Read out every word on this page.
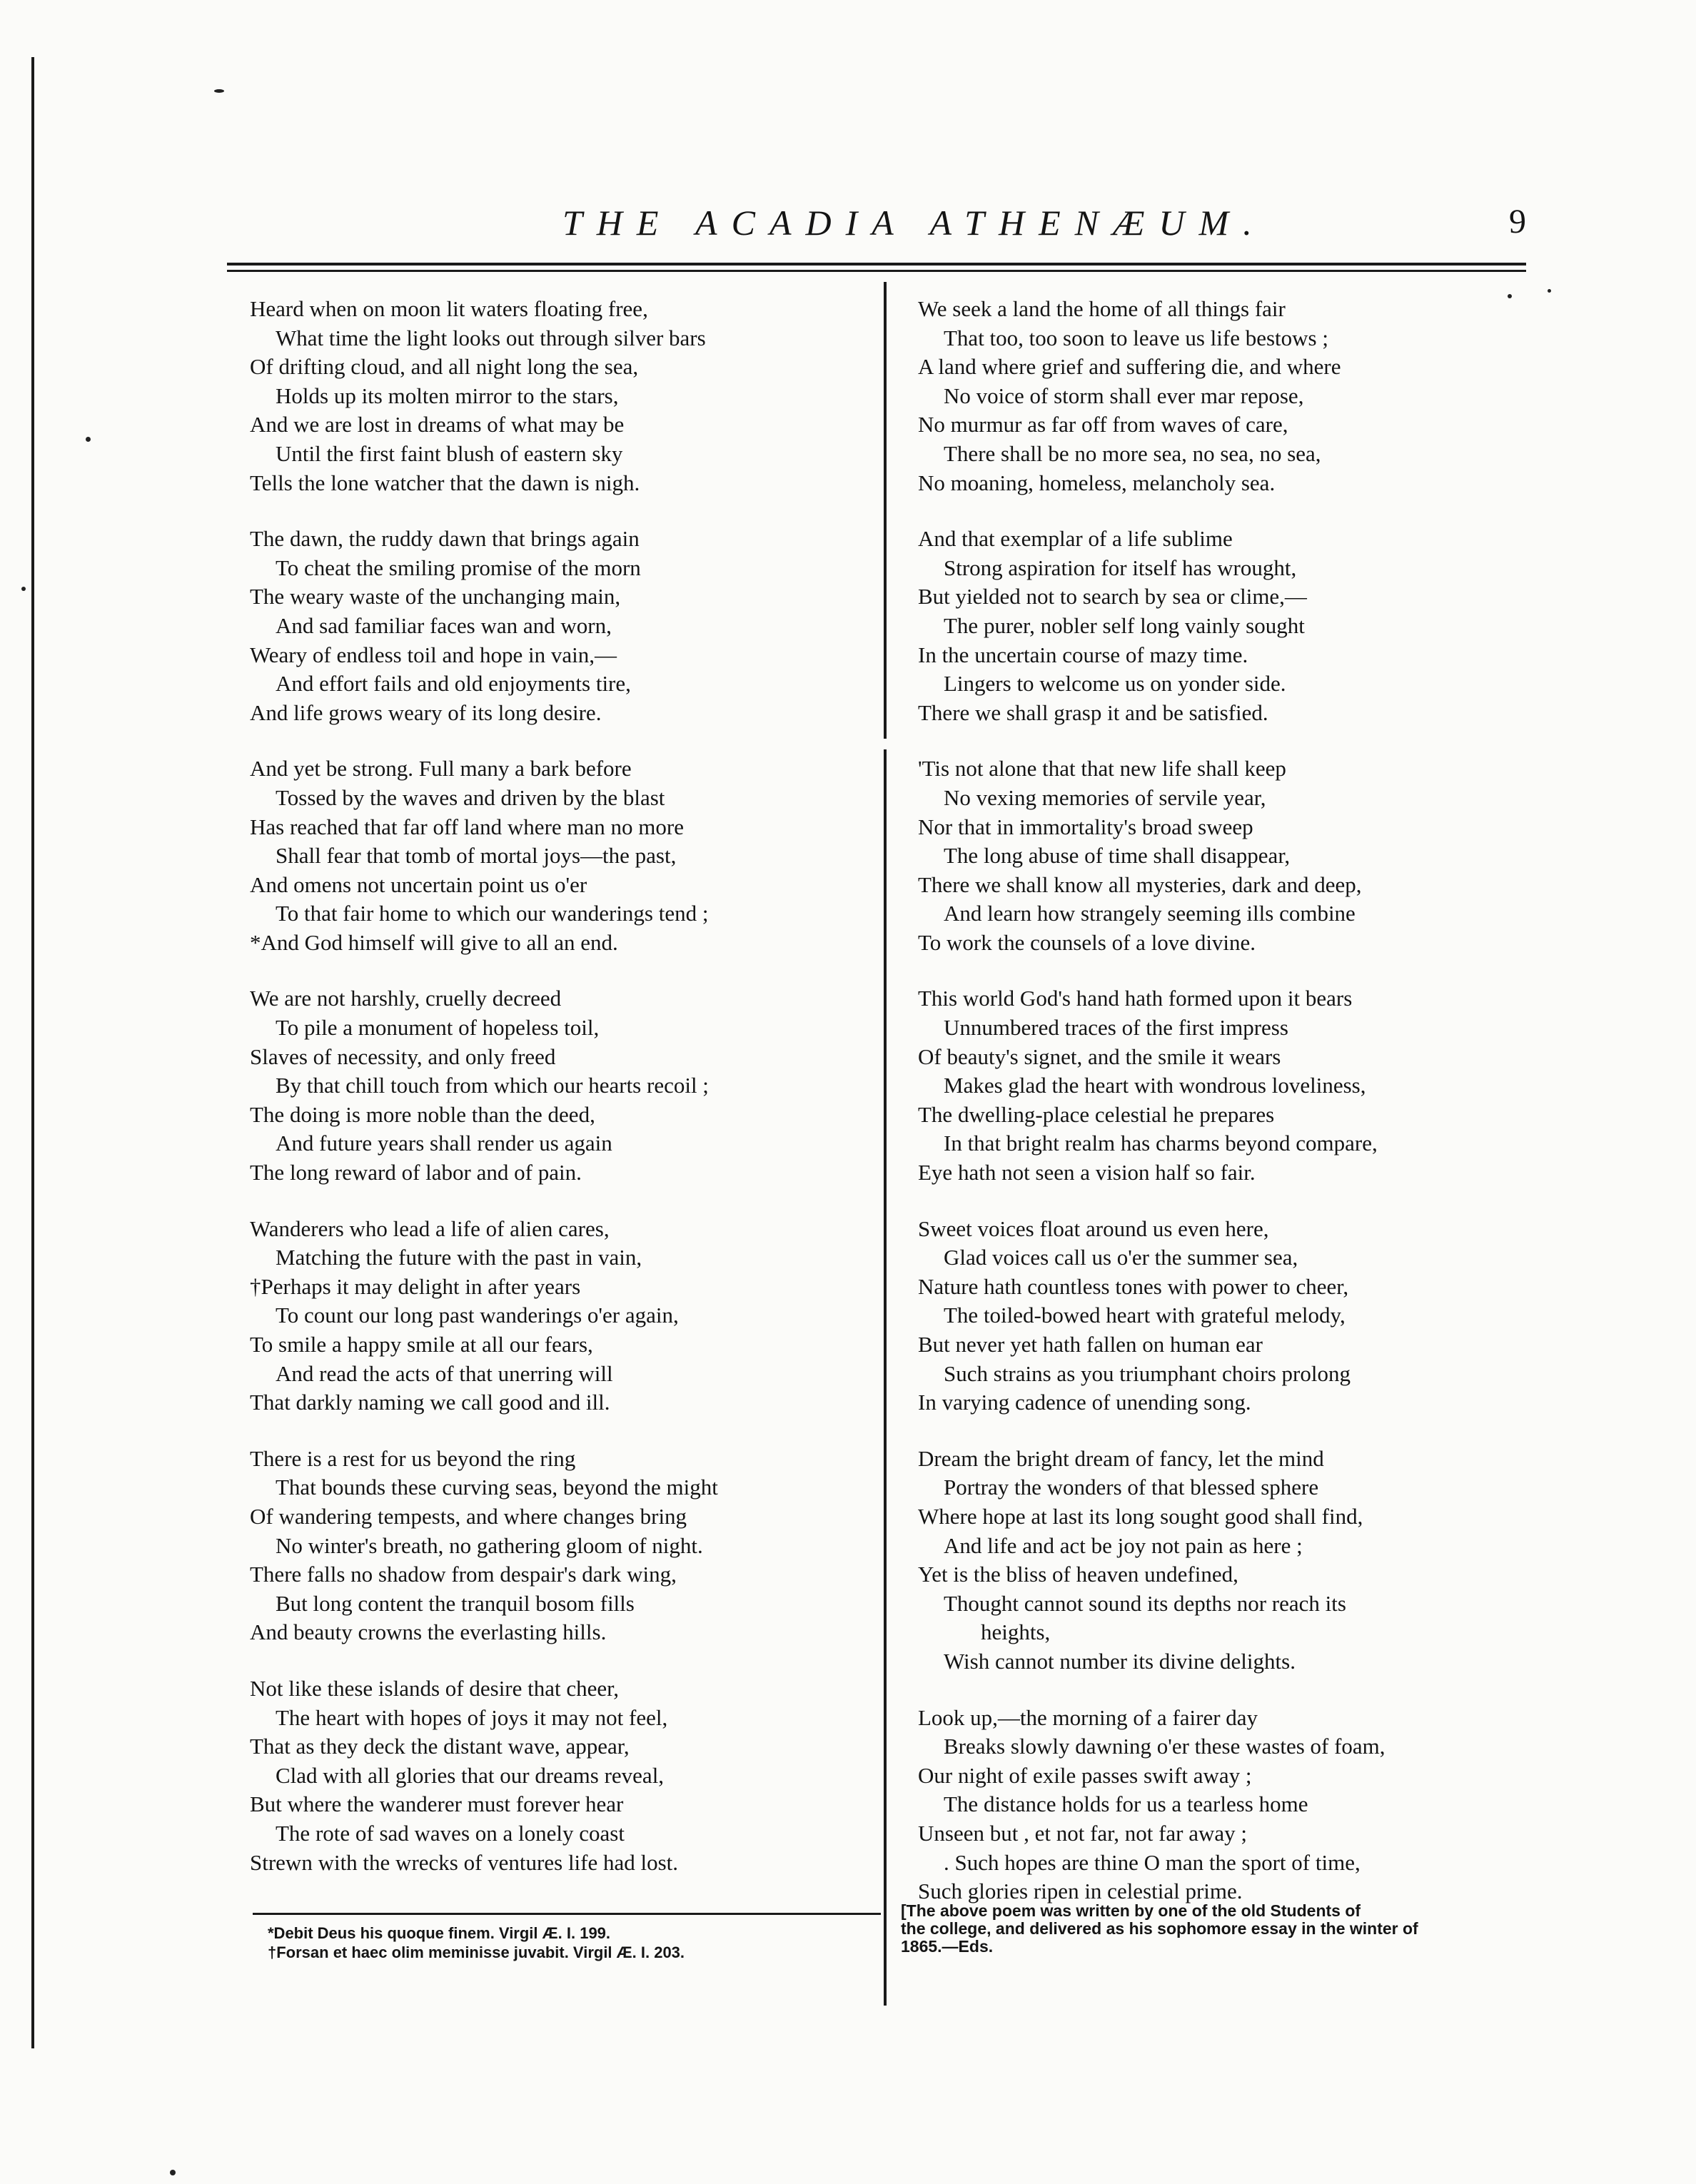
THE ACADIA ATHENÆUM.	9
Heard when on moon lit waters floating free,
What time the light looks out through silver bars
Of drifting cloud, and all night long the sea,
Holds up its molten mirror to the stars,
And we are lost in dreams of what may be
Until the first faint blush of eastern sky
Tells the lone watcher that the dawn is nigh.
The dawn, the ruddy dawn that brings again
To cheat the smiling promise of the morn
The weary waste of the unchanging main,
And sad familiar faces wan and worn,
Weary of endless toil and hope in vain,—
And effort fails and old enjoyments tire,
And life grows weary of its long desire.
And yet be strong. Full many a bark before
Tossed by the waves and driven by the blast
Has reached that far off land where man no more
Shall fear that tomb of mortal joys—the past,
And omens not uncertain point us o'er
To that fair home to which our wanderings tend ;
*And God himself will give to all an end.
We are not harshly, cruelly decreed
To pile a monument of hopeless toil,
Slaves of necessity, and only freed
By that chill touch from which our hearts recoil ;
The doing is more noble than the deed,
And future years shall render us again
The long reward of labor and of pain.
Wanderers who lead a life of alien cares,
Matching the future with the past in vain,
†Perhaps it may delight in after years
To count our long past wanderings o'er again,
To smile a happy smile at all our fears,
And read the acts of that unerring will
That darkly naming we call good and ill.
There is a rest for us beyond the ring
That bounds these curving seas, beyond the might
Of wandering tempests, and where changes bring
No winter's breath, no gathering gloom of night.
There falls no shadow from despair's dark wing,
But long content the tranquil bosom fills
And beauty crowns the everlasting hills.
Not like these islands of desire that cheer,
The heart with hopes of joys it may not feel,
That as they deck the distant wave, appear,
Clad with all glories that our dreams reveal,
But where the wanderer must forever hear
The rote of sad waves on a lonely coast
Strewn with the wrecks of ventures life had lost.
We seek a land the home of all things fair
That too, too soon to leave us life bestows ;
A land where grief and suffering die, and where
No voice of storm shall ever mar repose,
No murmur as far off from waves of care,
There shall be no more sea, no sea, no sea,
No moaning, homeless, melancholy sea.
And that exemplar of a life sublime
Strong aspiration for itself has wrought,
But yielded not to search by sea or clime,—
The purer, nobler self long vainly sought
In the uncertain course of mazy time.
Lingers to welcome us on yonder side.
There we shall grasp it and be satisfied.
'Tis not alone that that new life shall keep
No vexing memories of servile year,
Nor that in immortality's broad sweep
The long abuse of time shall disappear,
There we shall know all mysteries, dark and deep,
And learn how strangely seeming ills combine
To work the counsels of a love divine.
This world God's hand hath formed upon it bears
Unnumbered traces of the first impress
Of beauty's signet, and the smile it wears
Makes glad the heart with wondrous loveliness,
The dwelling-place celestial he prepares
In that bright realm has charms beyond compare,
Eye hath not seen a vision half so fair.
Sweet voices float around us even here,
Glad voices call us o'er the summer sea,
Nature hath countless tones with power to cheer,
The toiled-bowed heart with grateful melody,
But never yet hath fallen on human ear
Such strains as you triumphant choirs prolong
In varying cadence of unending song.
Dream the bright dream of fancy, let the mind
Portray the wonders of that blessed sphere
Where hope at last its long sought good shall find,
And life and act be joy not pain as here ;
Yet is the bliss of heaven undefined,
Thought cannot sound its depths nor reach its
heights,
Wish cannot number its divine delights.
Look up,—the morning of a fairer day
Breaks slowly dawning o'er these wastes of foam,
Our night of exile passes swift away ;
The distance holds for us a tearless home
Unseen but , et not far, not far away ;
. Such hopes are thine O man the sport of time,
Such glories ripen in celestial prime.
*Debit Deus his quoque finem. Virgil Æ. I. 199.
†Forsan et haec olim meminisse juvabit. Virgil Æ. I. 203.
[The above poem was written by one of the old Students of
the college, and delivered as his sophomore essay in the winter of
1865.—Eds.
